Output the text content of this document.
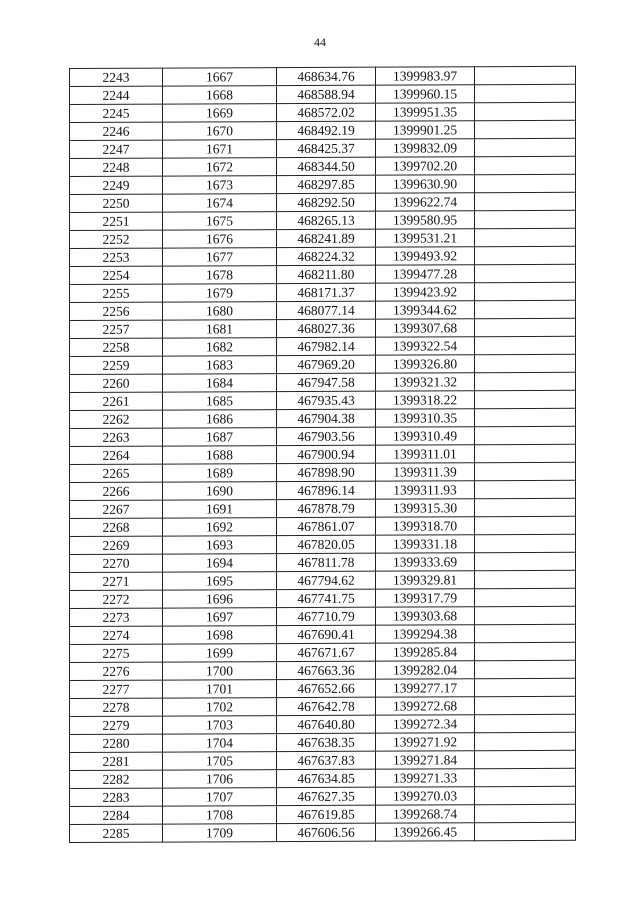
44
2243	1667	468634.76	1399983.97	
2244	1668	468588.94	1399960.15	
2245	1669	468572.02	1399951.35	
2246	1670	468492.19	1399901.25	
2247	1671	468425.37	1399832.09	
2248	1672	468344.50	1399702.20	
2249	1673	468297.85	1399630.90	
2250	1674	468292.50	1399622.74	
2251	1675	468265.13	1399580.95	
2252	1676	468241.89	1399531.21	
2253	1677	468224.32	1399493.92	
2254	1678	468211.80	1399477.28	
2255	1679	468171.37	1399423.92	
2256	1680	468077.14	1399344.62	
2257	1681	468027.36	1399307.68	
2258	1682	467982.14	1399322.54	
2259	1683	467969.20	1399326.80	
2260	1684	467947.58	1399321.32	
2261	1685	467935.43	1399318.22	
2262	1686	467904.38	1399310.35	
2263	1687	467903.56	1399310.49	
2264	1688	467900.94	1399311.01	
2265	1689	467898.90	1399311.39	
2266	1690	467896.14	1399311.93	
2267	1691	467878.79	1399315.30	
2268	1692	467861.07	1399318.70	
2269	1693	467820.05	1399331.18	
2270	1694	467811.78	1399333.69	
2271	1695	467794.62	1399329.81	
2272	1696	467741.75	1399317.79	
2273	1697	467710.79	1399303.68	
2274	1698	467690.41	1399294.38	
2275	1699	467671.67	1399285.84	
2276	1700	467663.36	1399282.04	
2277	1701	467652.66	1399277.17	
2278	1702	467642.78	1399272.68	
2279	1703	467640.80	1399272.34	
2280	1704	467638.35	1399271.92	
2281	1705	467637.83	1399271.84	
2282	1706	467634.85	1399271.33	
2283	1707	467627.35	1399270.03	
2284	1708	467619.85	1399268.74	
2285	1709	467606.56	1399266.45	
